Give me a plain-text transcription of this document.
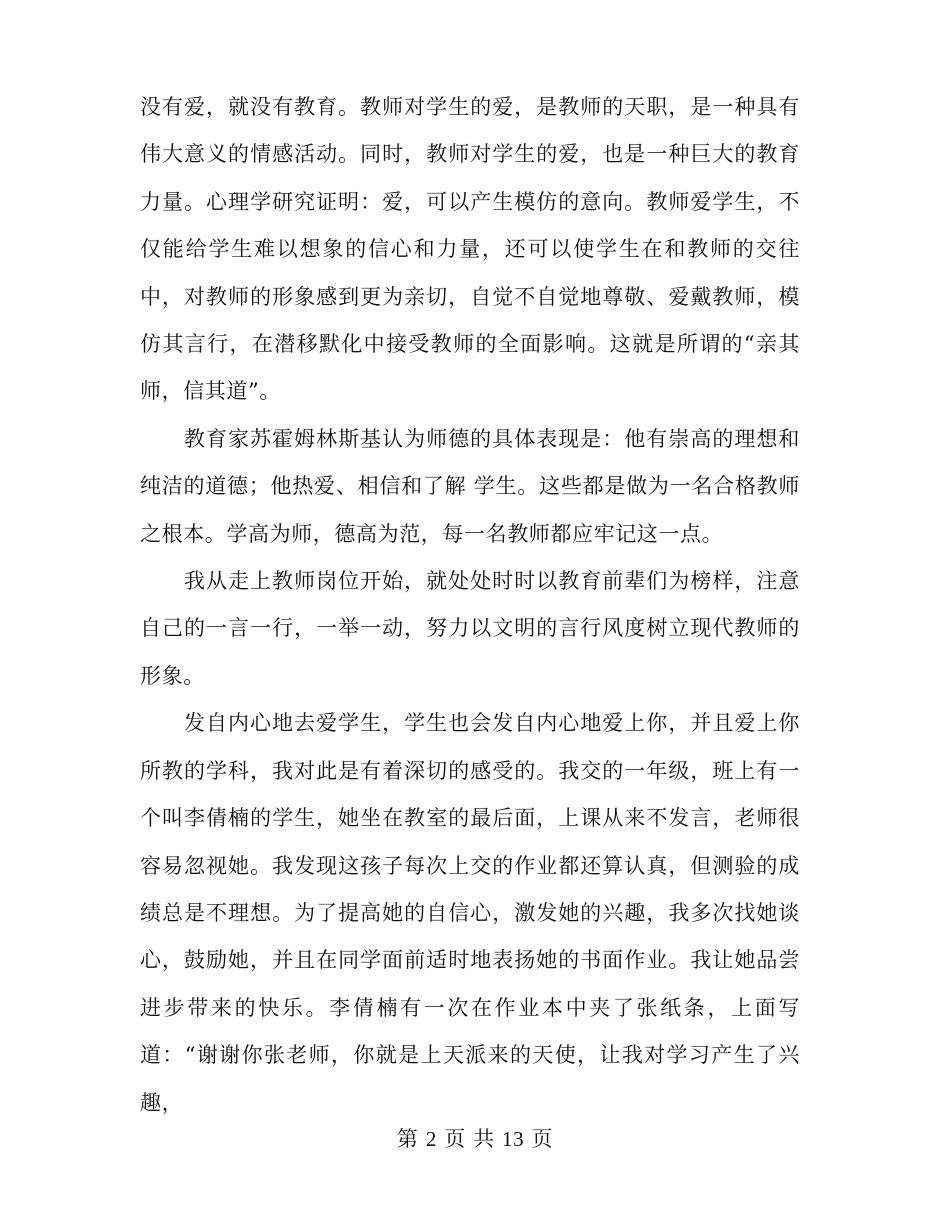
没有爱，就没有教育。教师对学生的爱，是教师的天职，是一种具有伟大意义的情感活动。同时，教师对学生的爱，也是一种巨大的教育力量。心理学研究证明：爱，可以产生模仿的意向。教师爱学生，不仅能给学生难以想象的信心和力量，还可以使学生在和教师的交往中，对教师的形象感到更为亲切，自觉不自觉地尊敬、爱戴教师，模仿其言行，在潜移默化中接受教师的全面影响。这就是所谓的“亲其师，信其道”。

教育家苏霍姆林斯基认为师德的具体表现是：他有崇高的理想和纯洁的道德；他热爱、相信和了解 学生。这些都是做为一名合格教师之根本。学高为师，德高为范，每一名教师都应牢记这一点。

我从走上教师岗位开始，就处处时时以教育前辈们为榜样，注意自己的一言一行，一举一动，努力以文明的言行风度树立现代教师的形象。

发自内心地去爱学生，学生也会发自内心地爱上你，并且爱上你所教的学科，我对此是有着深切的感受的。我交的一年级，班上有一个叫李倩楠的学生，她坐在教室的最后面，上课从来不发言，老师很容易忽视她。我发现这孩子每次上交的作业都还算认真，但测验的成绩总是不理想。为了提高她的自信心，激发她的兴趣，我多次找她谈心，鼓励她，并且在同学面前适时地表扬她的书面作业。我让她品尝进步带来的快乐。李倩楠有一次在作业本中夹了张纸条，上面写道：“谢谢你张老师，你就是上天派来的天使，让我对学习产生了兴趣，

第 2 页 共 13 页
